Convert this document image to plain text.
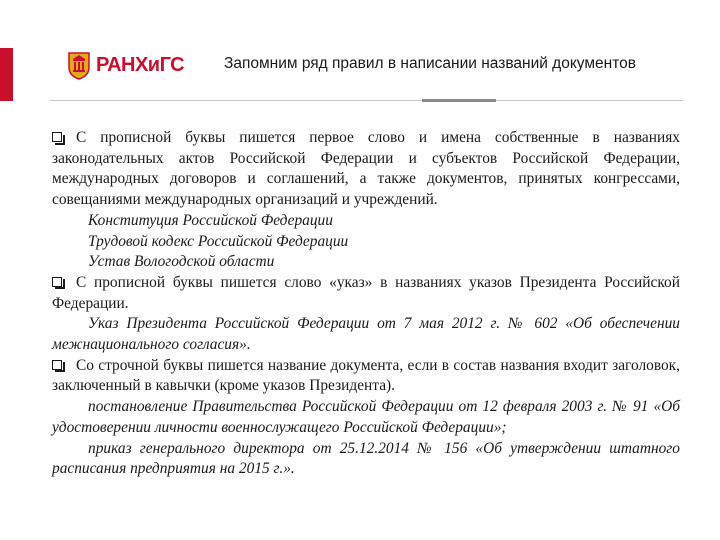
РАНХиГС	Запомним ряд правил в написании названий документов

С прописной буквы пишется первое слово и имена собственные в названиях законодательных актов Российской Федерации и субъектов Российской Федерации, международных договоров и соглашений, а также документов, принятых конгрессами, совещаниями международных организаций и учреждений.

Конституция Российской Федерации

Трудовой кодекс Российской Федерации

Устав Вологодской области

С прописной буквы пишется слово «указ» в названиях указов Президента Российской Федерации.

Указ Президента Российской Федерации от 7 мая 2012 г. № 602 «Об обеспечении межнационального согласия».

Со строчной буквы пишется название документа, если в состав названия входит заголовок, заключенный в кавычки (кроме указов Президента).

постановление Правительства Российской Федерации от 12 февраля 2003 г. № 91 «Об удостоверении личности военнослужащего Российской Федерации»;

приказ генерального директора от 25.12.2014 № 156 «Об утверждении штатного расписания предприятия на 2015 г.».
